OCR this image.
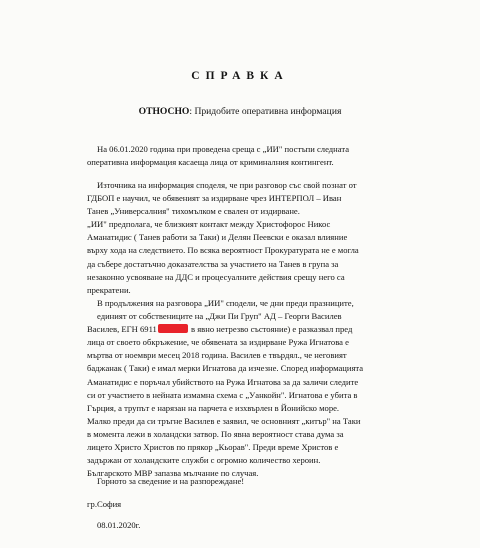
СПРАВКА
ОТНОСНО: Придобите оперативна информация
На 06.01.2020 година при проведена среща с „ИИ" постъпи следната
оперативна информация касаеща лица от криминалния контингент.
Източника на информация споделя, че при разговор със свой познат от
ГДБОП е научил, че обявеният за издирване чрез ИНТЕРПОЛ – Иван
Танев „Универсалния" тихомълком е свален от издирване.
„ИИ" предполага, че близкият контакт между Христофорос Никос
Аманатидис ( Танев работи за Таки) и Делян Пеевски е оказал влияние
върху хода на следствието. По всяка вероятност Прокуратурата не е могла
да събере достатъчно доказателства за участието на Танев в група за
незаконно усвояване на ДДС и процесуалните действия срещу него са
прекратени.
В продължения на разговора „ИИ" сподели, че дни преди празниците,
единият от собствениците на „Джи Пи Груп" АД – Георги Василев
Василев, ЕГН 6911	в явно нетрезво състояние) е разказвал пред
лица от своето обкръжение, че обявената за издирване Ружа Игнатова е
мъртва от ноември месец 2018 година. Василев е твърдял., че неговият
баджанак ( Таки) е имал мерки Игнатова да изчезне. Според информацията
Аманатидис е поръчал убийството на Ружа Игнатова за да заличи следите
си от участието в нейната измамна схема с „Уанкойн". Игнатова е убита в
Гърция, а трупът е нарязан на парчета е изхвърлен в Йонийско море.
Малко преди да си тръгне Василев е заявил, че основният „китър" на Таки
в момента лежи в холандски затвор. По явна вероятност става дума за
лицето Христо Христов по прякор „Кьорав". Преди време Христов е
задържан от холандските служби с огромно количество хероин.
Българското МВР запазва мълчание по случая.
Горното за сведение и на разпореждане!
гр.София
08.01.2020г.
